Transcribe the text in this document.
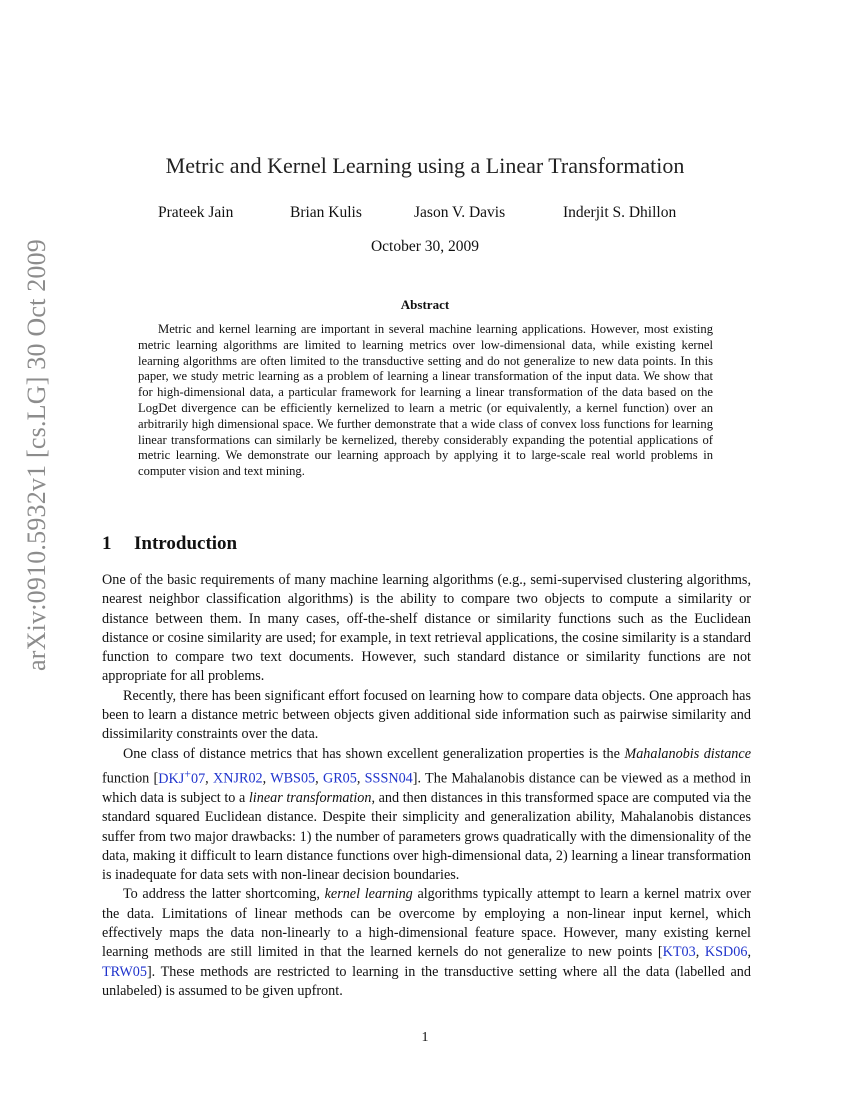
arXiv:0910.5932v1 [cs.LG] 30 Oct 2009
Metric and Kernel Learning using a Linear Transformation
Prateek Jain	Brian Kulis	Jason V. Davis	Inderjit S. Dhillon
October 30, 2009
Abstract

Metric and kernel learning are important in several machine learning applications. However, most existing metric learning algorithms are limited to learning metrics over low-dimensional data, while existing kernel learning algorithms are often limited to the transductive setting and do not generalize to new data points. In this paper, we study metric learning as a problem of learning a linear transformation of the input data. We show that for high-dimensional data, a particular framework for learning a linear transformation of the data based on the LogDet divergence can be efficiently kernelized to learn a metric (or equivalently, a kernel function) over an arbitrarily high dimensional space. We further demonstrate that a wide class of convex loss functions for learning linear transformations can similarly be kernelized, thereby considerably expanding the potential applications of metric learning. We demonstrate our learning approach by applying it to large-scale real world problems in computer vision and text mining.

1 Introduction

One of the basic requirements of many machine learning algorithms (e.g., semi-supervised clustering algorithms, nearest neighbor classification algorithms) is the ability to compare two objects to compute a similarity or distance between them. In many cases, off-the-shelf distance or similarity functions such as the Euclidean distance or cosine similarity are used; for example, in text retrieval applications, the cosine similarity is a standard function to compare two text documents. However, such standard distance or similarity functions are not appropriate for all problems.

Recently, there has been significant effort focused on learning how to compare data objects. One approach has been to learn a distance metric between objects given additional side information such as pairwise similarity and dissimilarity constraints over the data.

One class of distance metrics that has shown excellent generalization properties is the Mahalanobis distance function [DKJ+07, XNJR02, WBS05, GR05, SSSN04]. The Mahalanobis distance can be viewed as a method in which data is subject to a linear transformation, and then distances in this transformed space are computed via the standard squared Euclidean distance. Despite their simplicity and generalization ability, Mahalanobis distances suffer from two major drawbacks: 1) the number of parameters grows quadratically with the dimensionality of the data, making it difficult to learn distance functions over high-dimensional data, 2) learning a linear transformation is inadequate for data sets with non-linear decision boundaries.

To address the latter shortcoming, kernel learning algorithms typically attempt to learn a kernel matrix over the data. Limitations of linear methods can be overcome by employing a non-linear input kernel, which effectively maps the data non-linearly to a high-dimensional feature space. However, many existing kernel learning methods are still limited in that the learned kernels do not generalize to new points [KT03, KSD06, TRW05]. These methods are restricted to learning in the transductive setting where all the data (labelled and unlabeled) is assumed to be given upfront.

1
